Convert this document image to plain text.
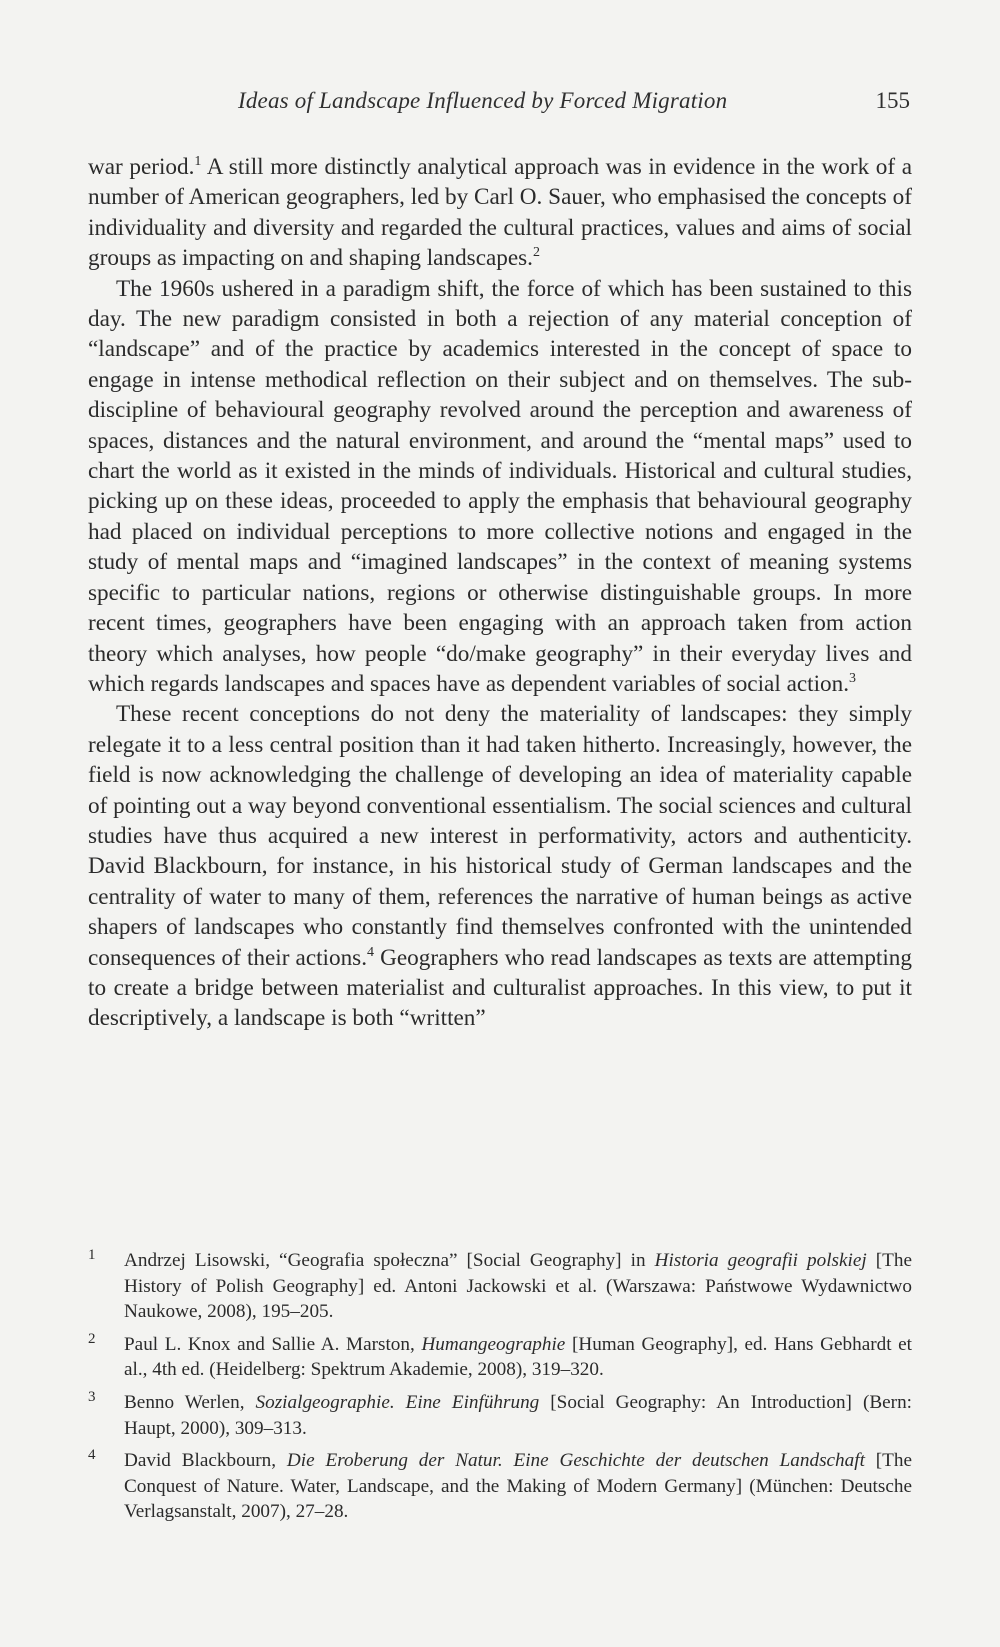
Ideas of Landscape Influenced by Forced Migration	155

war period.$^1$ A still more distinctly analytical approach was in evidence in the work of a number of American geographers, led by Carl O. Sauer, who emphasised the concepts of individuality and diversity and regarded the cultural practices, values and aims of social groups as impacting on and shaping landscapes.$^2$

The 1960s ushered in a paradigm shift, the force of which has been sustained to this day. The new paradigm consisted in both a rejection of any material conception of “landscape” and of the practice by academics interested in the concept of space to engage in intense methodical reflection on their subject and on themselves. The sub-discipline of behavioural geography revolved around the perception and awareness of spaces, distances and the natural environment, and around the “mental maps” used to chart the world as it existed in the minds of individuals. Historical and cultural studies, picking up on these ideas, proceeded to apply the emphasis that behavioural geography had placed on individual perceptions to more collective notions and engaged in the study of mental maps and “imagined landscapes” in the context of meaning systems specific to particular nations, regions or otherwise distinguishable groups. In more recent times, geographers have been engaging with an approach taken from action theory which analyses, how people “do/make geography” in their everyday lives and which regards landscapes and spaces have as dependent variables of social action.$^3$

These recent conceptions do not deny the materiality of landscapes: they simply relegate it to a less central position than it had taken hitherto. Increasingly, however, the field is now acknowledging the challenge of developing an idea of materiality capable of pointing out a way beyond conventional essentialism. The social sciences and cultural studies have thus acquired a new interest in performativity, actors and authenticity. David Blackbourn, for instance, in his historical study of German landscapes and the centrality of water to many of them, references the narrative of human beings as active shapers of landscapes who constantly find themselves confronted with the unintended consequences of their actions.$^4$ Geographers who read landscapes as texts are attempting to create a bridge between materialist and culturalist approaches. In this view, to put it descriptively, a landscape is both “written”

1 Andrzej Lisowski, “Geografia społeczna” [Social Geography] in Historia geografii polskiej [The History of Polish Geography] ed. Antoni Jackowski et al. (Warszawa: Państwowe Wydawnictwo Naukowe, 2008), 195–205.
2 Paul L. Knox and Sallie A. Marston, Humangeographie [Human Geography], ed. Hans Gebhardt et al., 4th ed. (Heidelberg: Spektrum Akademie, 2008), 319–320.
3 Benno Werlen, Sozialgeographie. Eine Einführung [Social Geography: An Introduction] (Bern: Haupt, 2000), 309–313.
4 David Blackbourn, Die Eroberung der Natur. Eine Geschichte der deutschen Landschaft [The Conquest of Nature. Water, Landscape, and the Making of Modern Germany] (München: Deutsche Verlagsanstalt, 2007), 27–28.
